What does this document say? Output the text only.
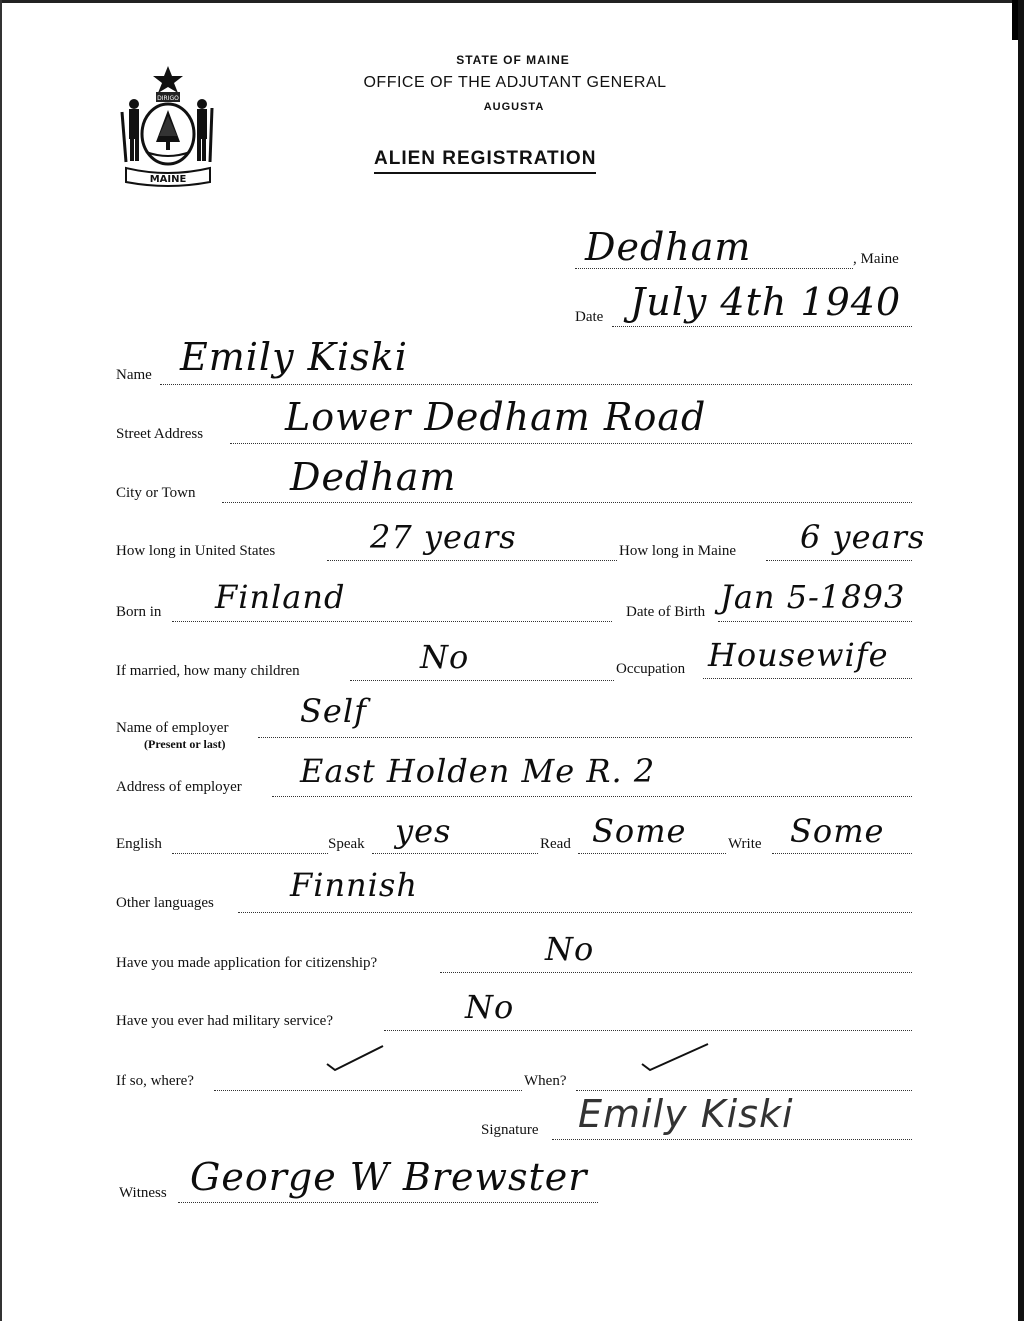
DIRIGO
MAINE
STATE OF MAINE
OFFICE OF THE ADJUTANT GENERAL
AUGUSTA
ALIEN REGISTRATION
Dedham	, Maine
Date July 4th 1940
Name Emily Kiski
Street Address Lower Dedham Road
City or Town Dedham
How long in United States	27 years	How long in Maine 6 years
Born in Finland	Date of Birth Jan 5-1893
If married, how many children	No	Occupation Housewife
Name of employer
(Present or last)
Self
Address of employer East Holden Me R. 2
English	Speak yes	Read Some	Write Some
Other languages Finnish
Have you made application for citizenship?	No
Have you ever had military service?	No
If so, where?	When?
Signature Emily Kiski
Witness George W Brewster
